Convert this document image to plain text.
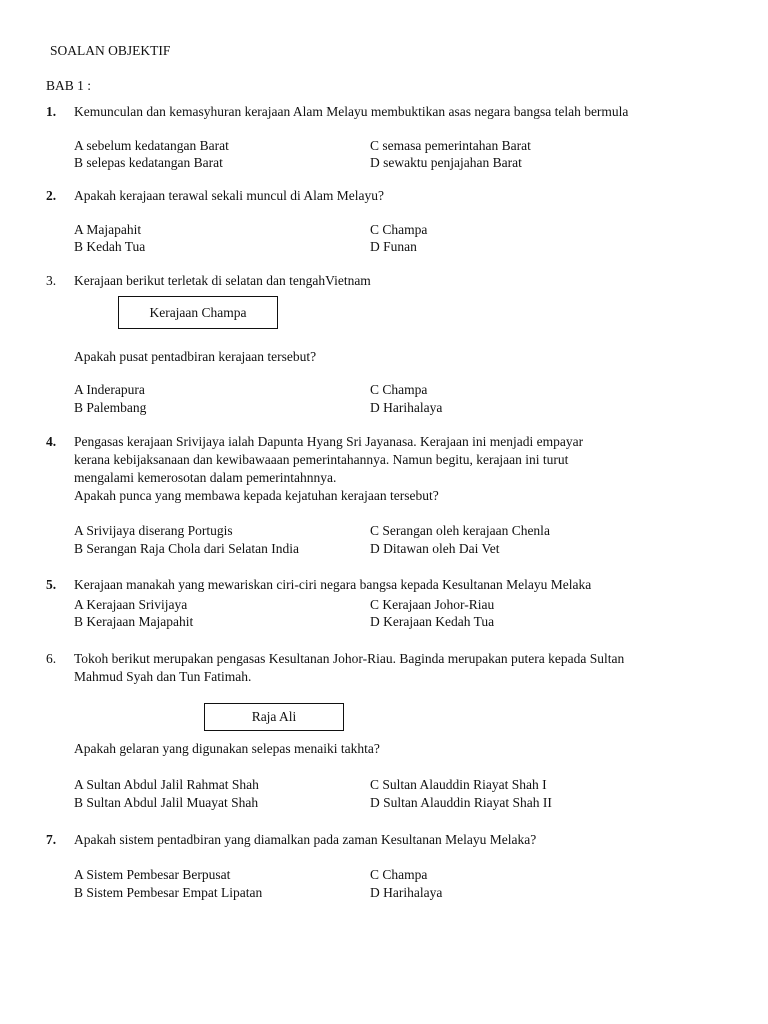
SOALAN OBJEKTIF
BAB 1 :
1. Kemunculan dan kemasyhuran kerajaan Alam Melayu membuktikan asas negara bangsa telah bermula
A sebelum kedatangan Barat
B selepas kedatangan Barat
C semasa pemerintahan Barat
D sewaktu penjajahan Barat
2. Apakah kerajaan terawal sekali muncul di Alam Melayu?
A Majapahit
B Kedah Tua
C Champa
D Funan
3. Kerajaan berikut terletak di selatan dan tengahVietnam
Kerajaan Champa
Apakah pusat pentadbiran kerajaan tersebut?
A Inderapura
B Palembang
C Champa
D Harihalaya
4. Pengasas kerajaan Srivijaya ialah Dapunta Hyang Sri Jayanasa. Kerajaan ini menjadi empayar
kerana kebijaksanaan dan kewibawaaan pemerintahannya. Namun begitu, kerajaan ini turut
mengalami kemerosotan dalam pemerintahnnya.
Apakah punca yang membawa kepada kejatuhan kerajaan tersebut?
A Srivijaya diserang Portugis
B Serangan Raja Chola dari Selatan India
C Serangan oleh kerajaan Chenla
D Ditawan oleh Dai Vet
5. Kerajaan manakah yang mewariskan ciri-ciri negara bangsa kepada Kesultanan Melayu Melaka
A Kerajaan Srivijaya
B Kerajaan Majapahit
C Kerajaan Johor-Riau
D Kerajaan Kedah Tua
6. Tokoh berikut merupakan pengasas Kesultanan Johor-Riau. Baginda merupakan putera kepada Sultan
Mahmud Syah dan Tun Fatimah.
Raja Ali
Apakah gelaran yang digunakan selepas menaiki takhta?
A Sultan Abdul Jalil Rahmat Shah
B Sultan Abdul Jalil Muayat Shah
C Sultan Alauddin Riayat Shah I
D Sultan Alauddin Riayat Shah II
7. Apakah sistem pentadbiran yang diamalkan pada zaman Kesultanan Melayu Melaka?
A Sistem Pembesar Berpusat
B Sistem Pembesar Empat Lipatan
C Champa
D Harihalaya
